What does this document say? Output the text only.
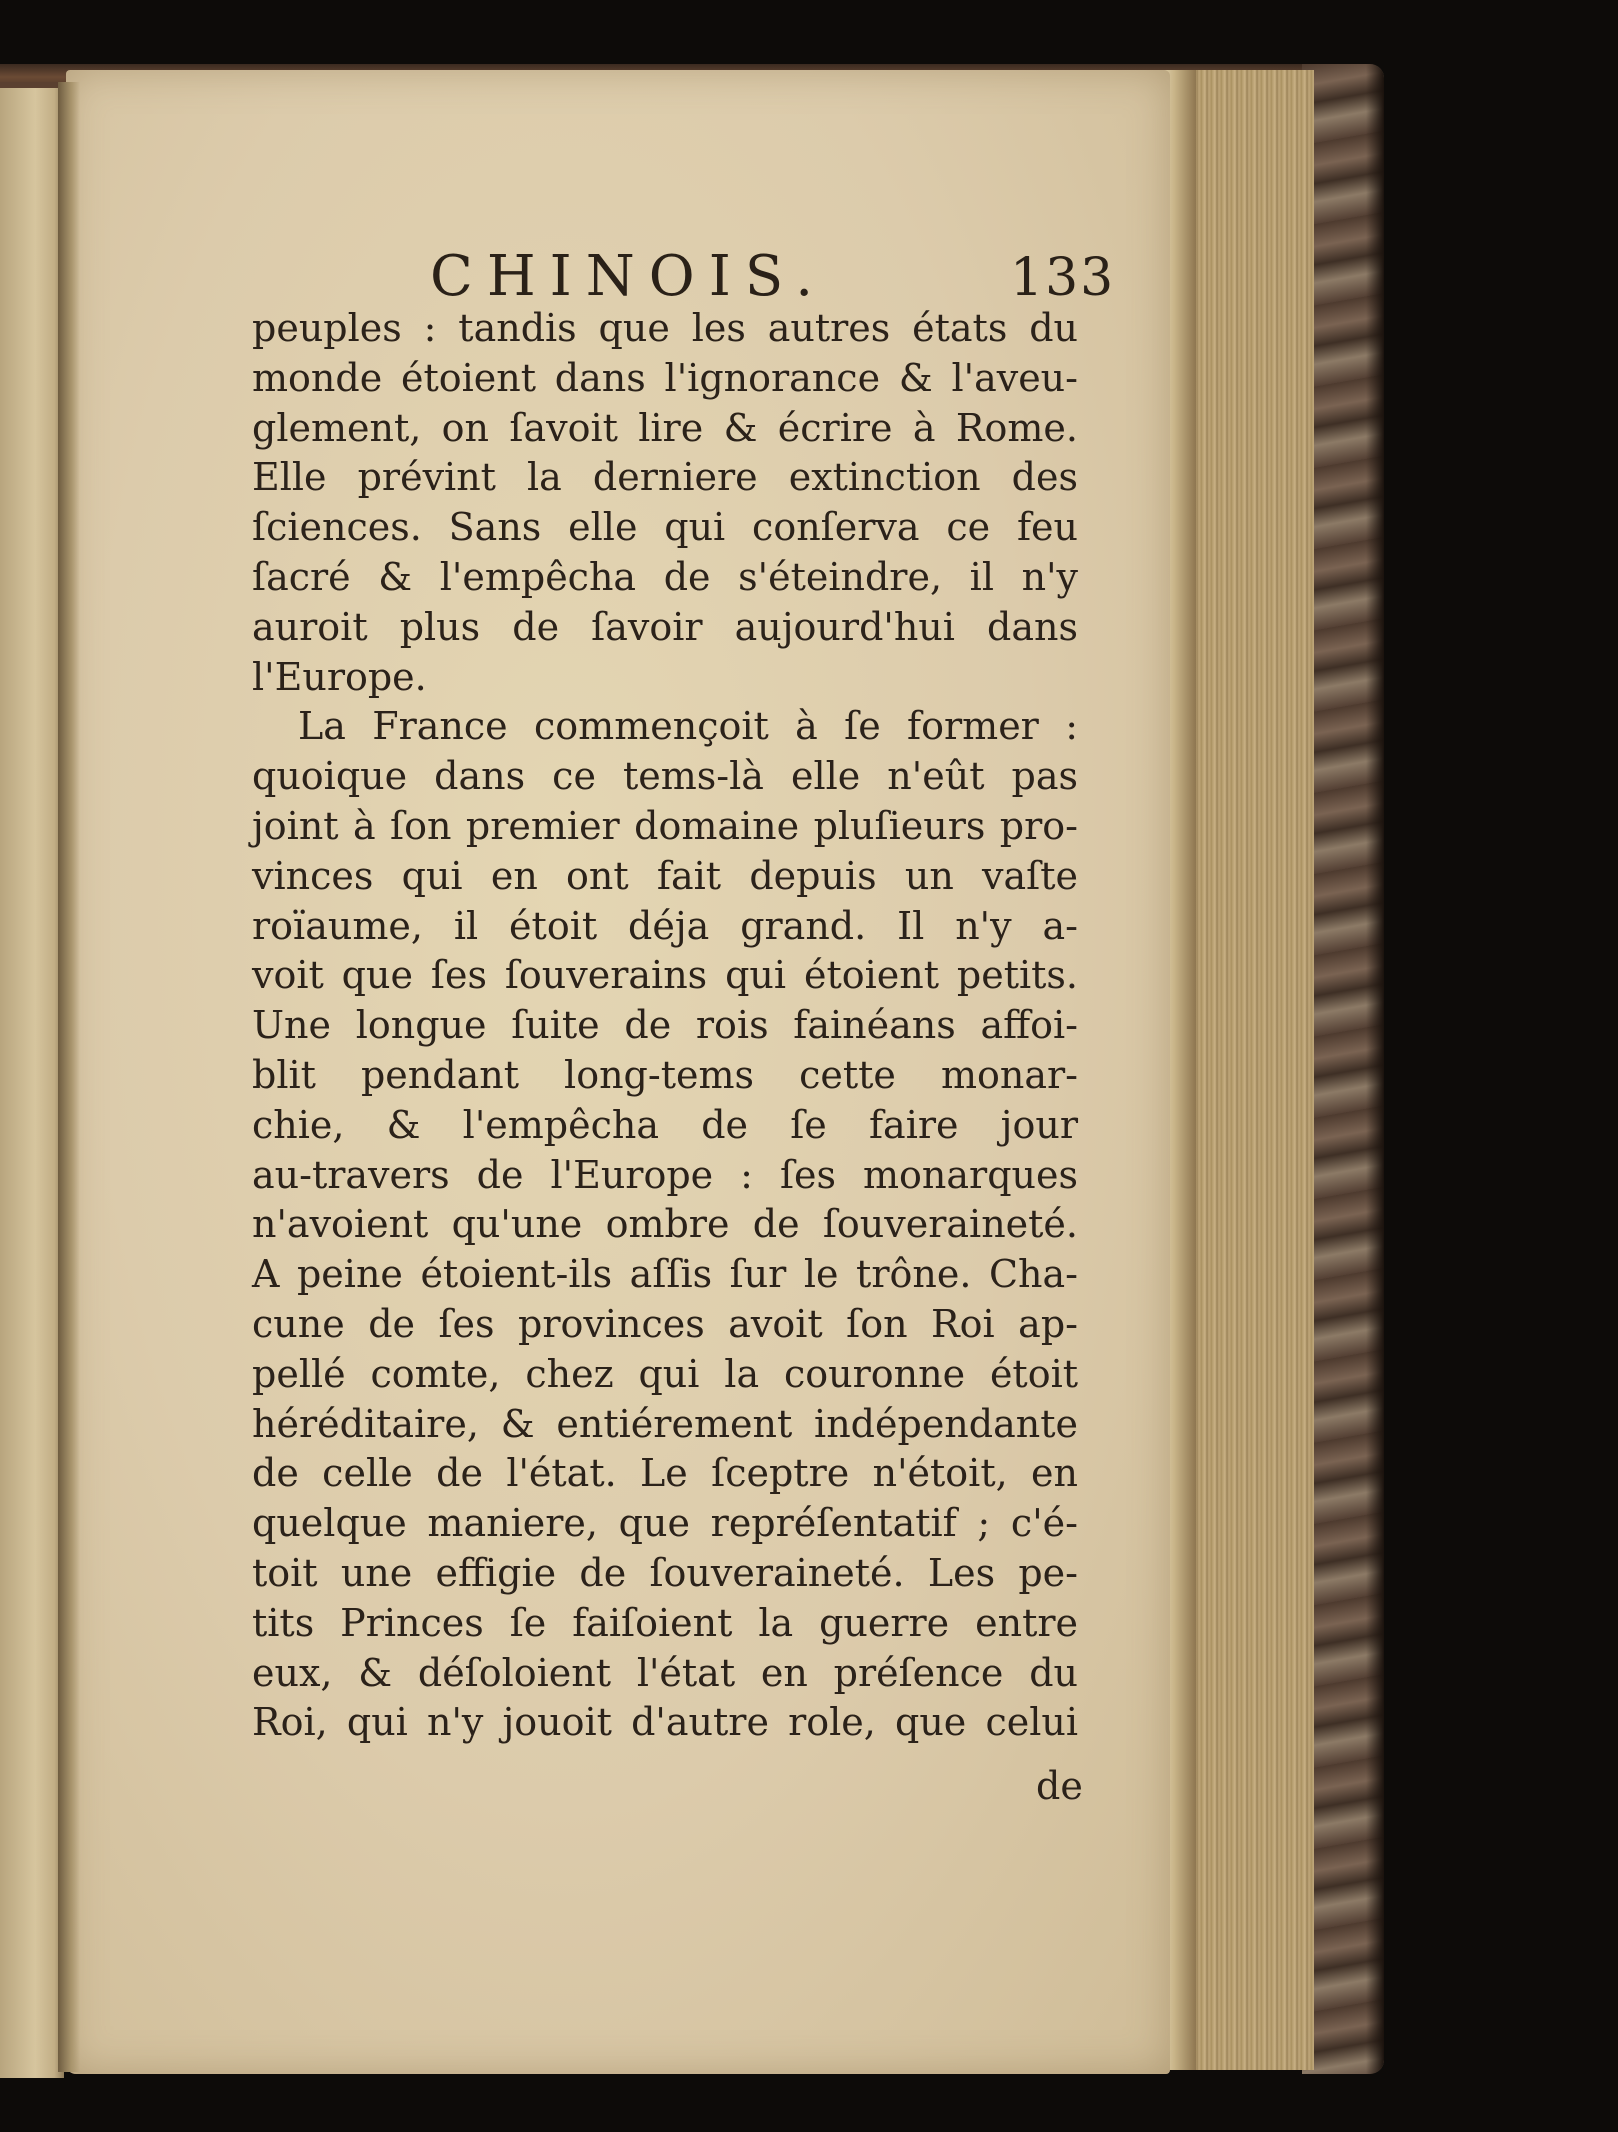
CHINOIS.	133
peuples : tandis que les autres états du
monde étoient dans l'ignorance & l'aveu-
glement, on ſavoit lire & écrire à Rome.
Elle prévint la derniere extinction des
ſciences. Sans elle qui conſerva ce feu
ſacré & l'empêcha de s'éteindre, il n'y
auroit plus de ſavoir aujourd'hui dans
l'Europe.
La France commençoit à ſe former :
quoique dans ce tems-là elle n'eût pas
joint à ſon premier domaine pluſieurs pro-
vinces qui en ont fait depuis un vaſte
roïaume, il étoit déja grand. Il n'y a-
voit que ſes ſouverains qui étoient petits.
Une longue ſuite de rois fainéans affoi-
blit pendant long-tems cette monar-
chie, & l'empêcha de ſe faire jour
au-travers de l'Europe : ſes monarques
n'avoient qu'une ombre de ſouveraineté.
A peine étoient-ils aſſis ſur le trône. Cha-
cune de ſes provinces avoit ſon Roi ap-
pellé comte, chez qui la couronne étoit
héréditaire, & entiérement indépendante
de celle de l'état. Le ſceptre n'étoit, en
quelque maniere, que repréſentatif ; c'é-
toit une effigie de ſouveraineté. Les pe-
tits Princes ſe faiſoient la guerre entre
eux, & déſoloient l'état en préſence du
Roi, qui n'y jouoit d'autre role, que celui
de
